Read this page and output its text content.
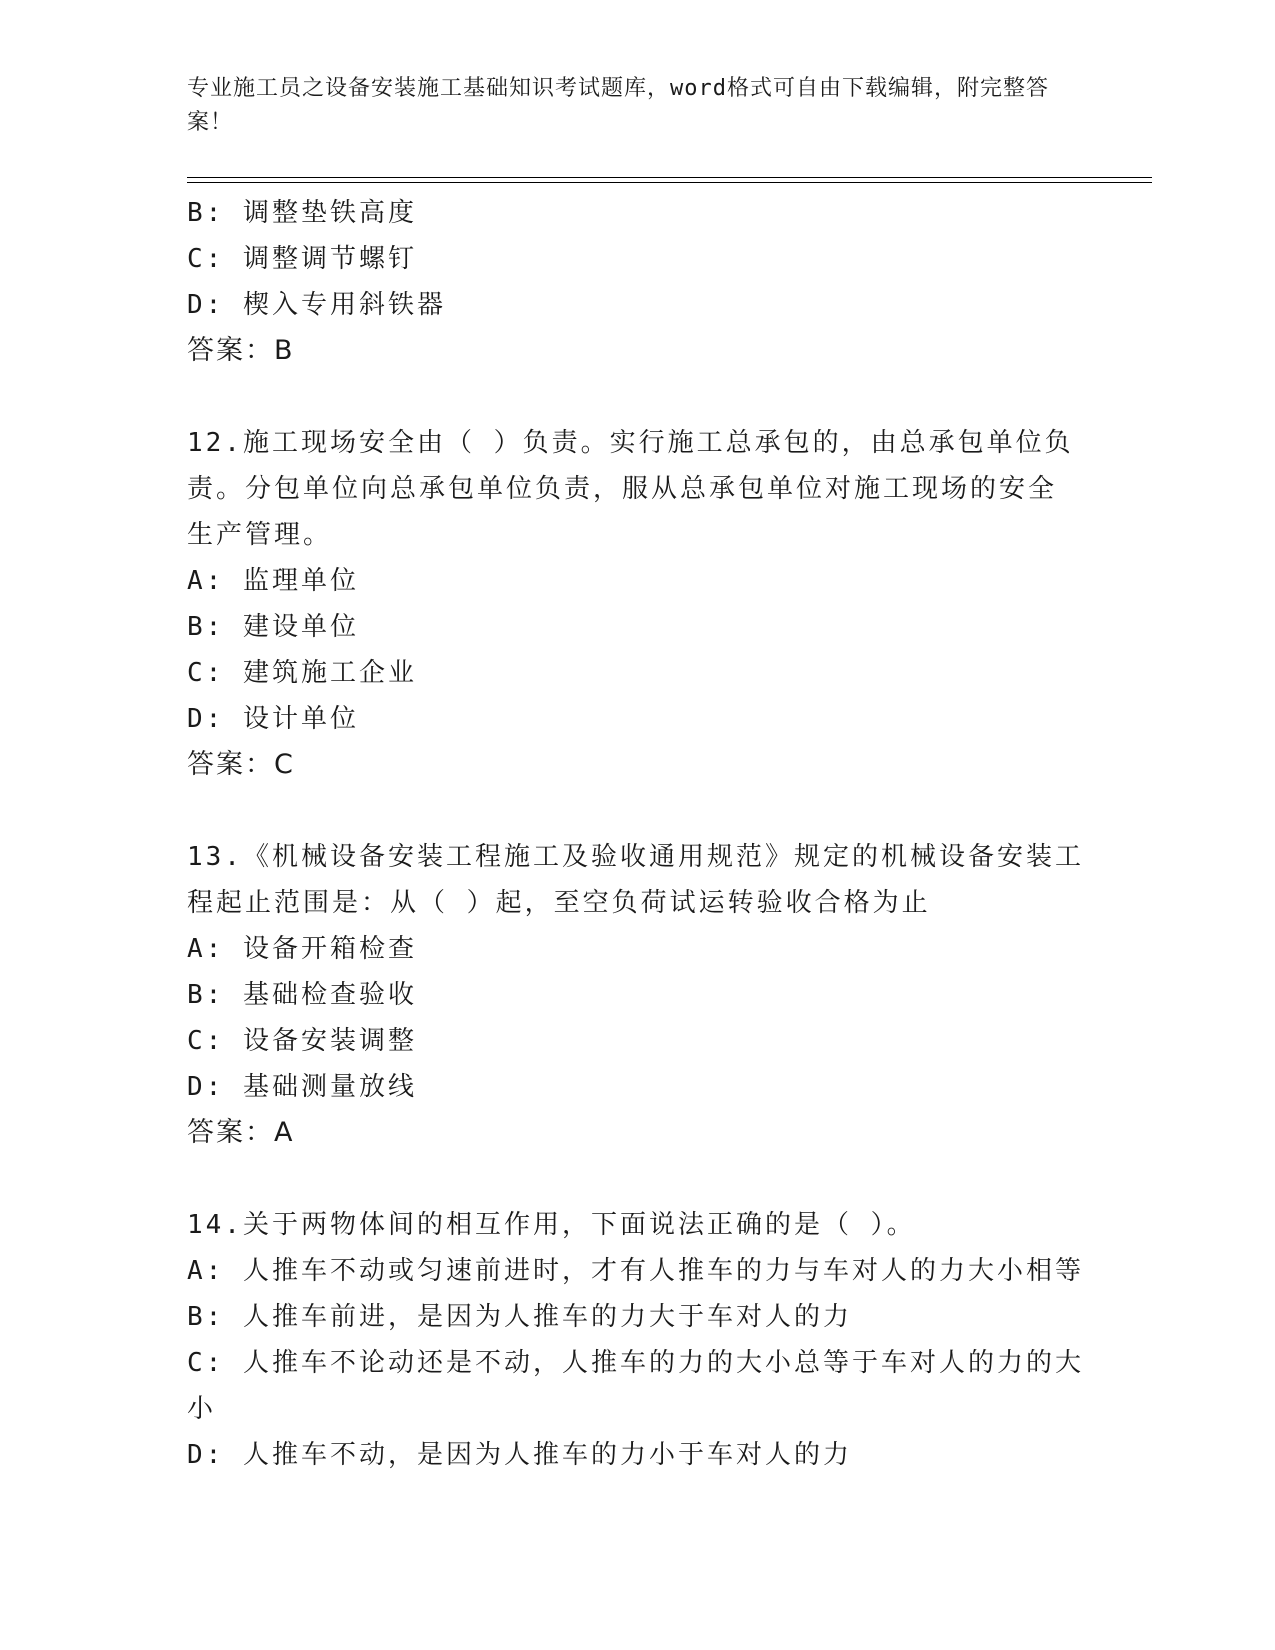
专业施工员之设备安装施工基础知识考试题库，word格式可自由下载编辑，附完整答案！
B: 调整垫铁高度
C: 调整调节螺钉
D: 楔入专用斜铁器
答案：B
12.施工现场安全由（ ）负责。实行施工总承包的，由总承包单位负
责。分包单位向总承包单位负责，服从总承包单位对施工现场的安全
生产管理。
A: 监理单位
B: 建设单位
C: 建筑施工企业
D: 设计单位
答案：C
13.《机械设备安装工程施工及验收通用规范》规定的机械设备安装工
程起止范围是：从（ ）起，至空负荷试运转验收合格为止
A: 设备开箱检查
B: 基础检查验收
C: 设备安装调整
D: 基础测量放线
答案：A
14.关于两物体间的相互作用，下面说法正确的是（ ）。
A: 人推车不动或匀速前进时，才有人推车的力与车对人的力大小相等
B: 人推车前进，是因为人推车的力大于车对人的力
C: 人推车不论动还是不动，人推车的力的大小总等于车对人的力的大
小
D: 人推车不动，是因为人推车的力小于车对人的力
